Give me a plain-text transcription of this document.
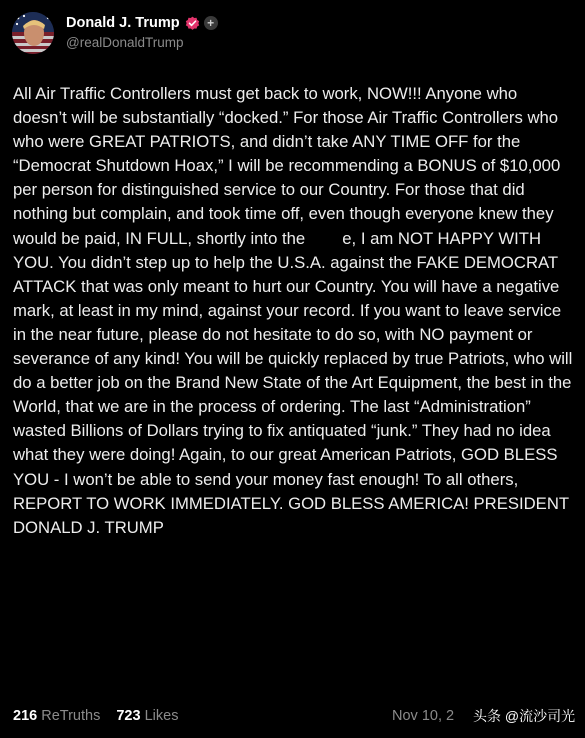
Donald J. Trump +
@realDonaldTrump
All Air Traffic Controllers must get back to work, NOW!!! Anyone who doesn’t will be substantially “docked.” For those Air Traffic Controllers who who were GREAT PATRIOTS, and didn’t take ANY TIME OFF for the “Democrat Shutdown Hoax,” I will be recommending a BONUS of $10,000 per person for distinguished service to our Country. For those that did nothing but complain, and took time off, even though everyone knew they would be paid, IN FULL, shortly into the        e, I am NOT HAPPY WITH YOU. You didn’t step up to help the U.S.A. against the FAKE DEMOCRAT ATTACK that was only meant to hurt our Country. You will have a negative mark, at least in my mind, against your record. If you want to leave service in the near future, please do not hesitate to do so, with NO payment or severance of any kind! You will be quickly replaced by true Patriots, who will do a better job on the Brand New State of the Art Equipment, the best in the World, that we are in the process of ordering. The last “Administration” wasted Billions of Dollars trying to fix antiquated “junk.” They had no idea what they were doing! Again, to our great American Patriots, GOD BLESS YOU - I won’t be able to send your money fast enough! To all others, REPORT TO WORK IMMEDIATELY. GOD BLESS AMERICA! PRESIDENT DONALD J. TRUMP
216 ReTruths 723 Likes	Nov 10, 2 头条 @流沙司光
